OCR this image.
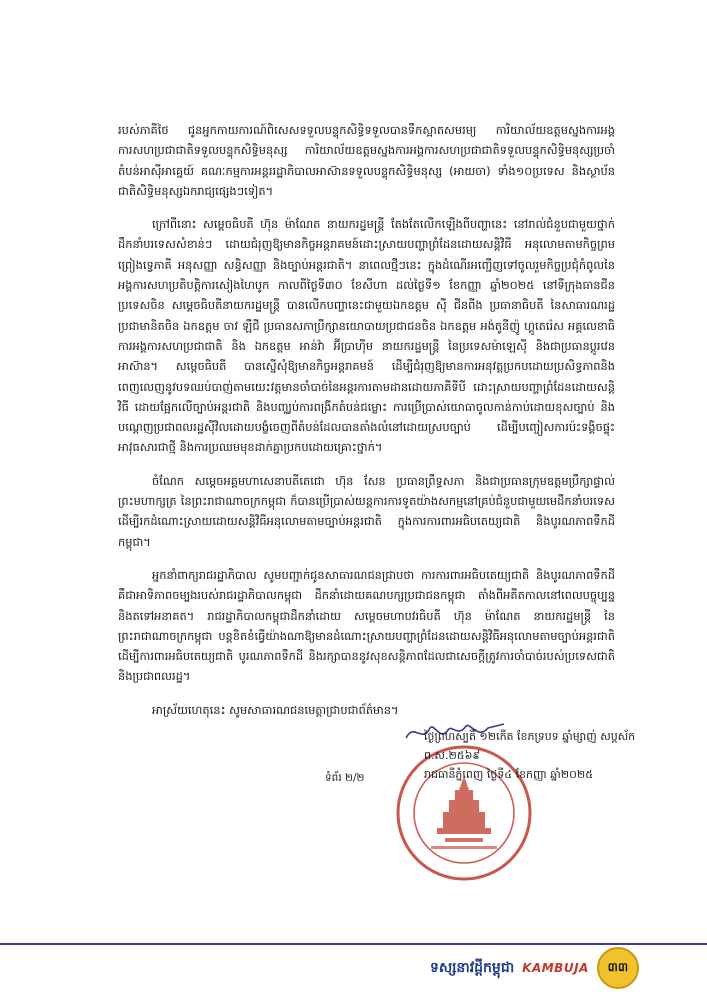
របស់ភាគីថៃ ជូនអ្នកកាយការណ៍ពិសេសទទួលបន្ទុកសិទ្ធិទទួលបានទឹកស្អាតសមរម្យ ការិយាល័យឧត្តមស្នងការអង្គការសហប្រជាជាតិទទួលបន្ទុកសិទ្ធិមនុស្ស ការិយាល័យឧត្តមស្នងការអង្គការសហប្រជាជាតិទទួលបន្ទុកសិទ្ធិមនុស្សប្រចាំតំបន់អាស៊ីអាគ្នេយ៍ គណៈកម្មការអន្តររដ្ឋាភិបាលអាស៊ានទទួលបន្ទុកសិទ្ធិមនុស្ស (អាយចា) ទាំង១០ប្រទេស និងស្ថាប័នជាតិសិទ្ធិមនុស្សឯករាជ្យផ្សេងៗទៀត។

ក្រៅពីនោះ សម្តេចធិបតី ហ៊ុន ម៉ាណែត នាយករដ្ឋមន្ត្រី តែងតែលើកឡើងពីបញ្ហានេះ នៅរាល់ជំនួបជាមួយថ្នាក់ដឹកនាំបរទេសសំខាន់ៗ ដោយជំរុញឱ្យមានកិច្ចអន្តរាគមន៍ដោះស្រាយបញ្ហាព្រំដែនដោយសន្តិវិធី អនុលោមតាមកិច្ចព្រមព្រៀងទ្វេភាគី អនុសញ្ញា សន្ធិសញ្ញា និងច្បាប់អន្តរជាតិ។ នាពេលថ្មីៗនេះ ក្នុងដំណើរអញ្ជើញទៅចូលរួមកិច្ចប្រជុំកំពូលនៃអង្គការសហប្រតិបត្តិការសៀងហៃបូក កាលពីថ្ងៃទី៣០ ខែសីហា ដល់ថ្ងៃទី១ ខែកញ្ញា ឆ្នាំ២០២៥ នៅទីក្រុងធានជីន ប្រទេសចិន សម្តេចធិបតីនាយករដ្ឋមន្ត្រី បានលើកបញ្ហានេះជាមួយឯកឧត្តម ស៊ី ជីនពីង ប្រធានាធិបតី នៃសាធារណរដ្ឋប្រជាមានិតចិន ឯកឧត្តម ចាវ ឡឺជី ប្រធានសភាប្រឹក្សានយោបាយប្រជាជនចិន ឯកឧត្តម អង់តូនីញ៉ូ ហ្គូតេរ៉េស អគ្គលេខាធិការអង្គការសហប្រជាជាតិ និង ឯកឧត្តម អាន់វ៉ា អ៊ីប្រាហ៊ីម នាយករដ្ឋមន្ត្រី នៃប្រទេសម៉ាឡេស៊ី និងជាប្រធានប្តូរវេនអាស៊ាន។ សម្តេចធិបតី បានស្នើសុំឱ្យមានកិច្ចអន្តរាគមន៍ ដើម្បីជំរុញឱ្យមានការអនុវត្តប្រកបដោយប្រសិទ្ធភាពនិងពេញលេញនូវបទឈប់បាញ់តាមយេះវត្តមានចាំបាច់នៃអន្តរការតាមដានដោយភាគីទីបី ដោះស្រាយបញ្ហាព្រំដែនដោយសន្តិវិធី ដោយផ្អែកលើច្បាប់អន្តរជាតិ និងបញ្ឈប់ការពង្រីកតំបន់ជម្លោះ ការប្រើប្រាស់យោធាចូលកាន់កាប់ដោយខុសច្បាប់ និងបណ្តេញប្រជាពលរដ្ឋស៊ីវិលដោយបង្ខំចេញពីតំបន់ដែលបានតាំងលំនៅដោយស្របច្បាប់ ដើម្បីបញ្ចៀសការប៉ះទង្គិចផ្ទុះអាវុធសារជាថ្មី និងការប្រឈមមុខដាក់គ្នាប្រកបដោយគ្រោះថ្នាក់។

ចំណែក សម្តេចអគ្គមហាសេនាបតីតេជោ ហ៊ុន សែន ប្រធានព្រឹទ្ធសភា និងជាប្រធានក្រុមឧត្តមប្រឹក្សាផ្ទាល់ព្រះមហាក្សត្រ នៃព្រះរាជាណាចក្រកម្ពុជា ក៏បានប្រើប្រាស់យន្តការការទូតយ៉ាងសកម្មនៅគ្រប់ជំនួបជាមួយមេដឹកនាំបរទេស ដើម្បីរកដំណោះស្រាយដោយសន្តិវិធីអនុលោមតាមច្បាប់អន្តរជាតិ ក្នុងការការពារអធិបតេយ្យជាតិ និងបូរណភាពទឹកដីកម្ពុជា។

អ្នកនាំពាក្យរាជរដ្ឋាភិបាល សូមបញ្ជាក់ជូនសាធារណជនជ្រាបថា ការការពារអធិបតេយ្យជាតិ និងបូរណភាពទឹកដី គឺជាអាទិភាពចម្បងរបស់រាជរដ្ឋាភិបាលកម្ពុជា ដឹកនាំដោយគណបក្សប្រជាជនកម្ពុជា តាំងពីអតីតកាលនៅពេលបច្ចុប្បន្ន និងតទៅអនាគត។ រាជរដ្ឋាភិបាលកម្ពុជាដឹកនាំដោយ សម្តេចមហាបវរធិបតី ហ៊ុន ម៉ាណែត នាយករដ្ឋមន្ត្រី នៃព្រះរាជាណាចក្រកម្ពុជា បន្តខិតខំធ្វើយ៉ាងណាឱ្យមានដំណោះស្រាយបញ្ហាព្រំដែនដោយសន្តិវិធីអនុលោមតាមច្បាប់អន្តរជាតិ ដើម្បីការពារអធិបតេយ្យជាតិ បូរណភាពទឹកដី និងរក្សាបាននូវសុខសន្តិភាពដែលជាសេចក្តីត្រូវការចាំបាច់របស់ប្រទេសជាតិ និងប្រជាពលរដ្ឋ។

អាស្រ័យហេតុនេះ សូមសាធារណជនមេត្តាជ្រាបជាព័ត៌មាន។

ថ្ងៃព្រហស្បតិ៍ ១២កើត ខែភទ្របទ ឆ្នាំម្សាញ់ សប្តស័ក ព.ស.២៥៦៩
រាជធានីភ្នំពេញ ថ្ងៃទី៤ ខែកញ្ញា ឆ្នាំ២០២៥
ទំព័រ ២/២
ទស្សនាវដ្តីកម្ពុជា KAMBUJA	៣៣
